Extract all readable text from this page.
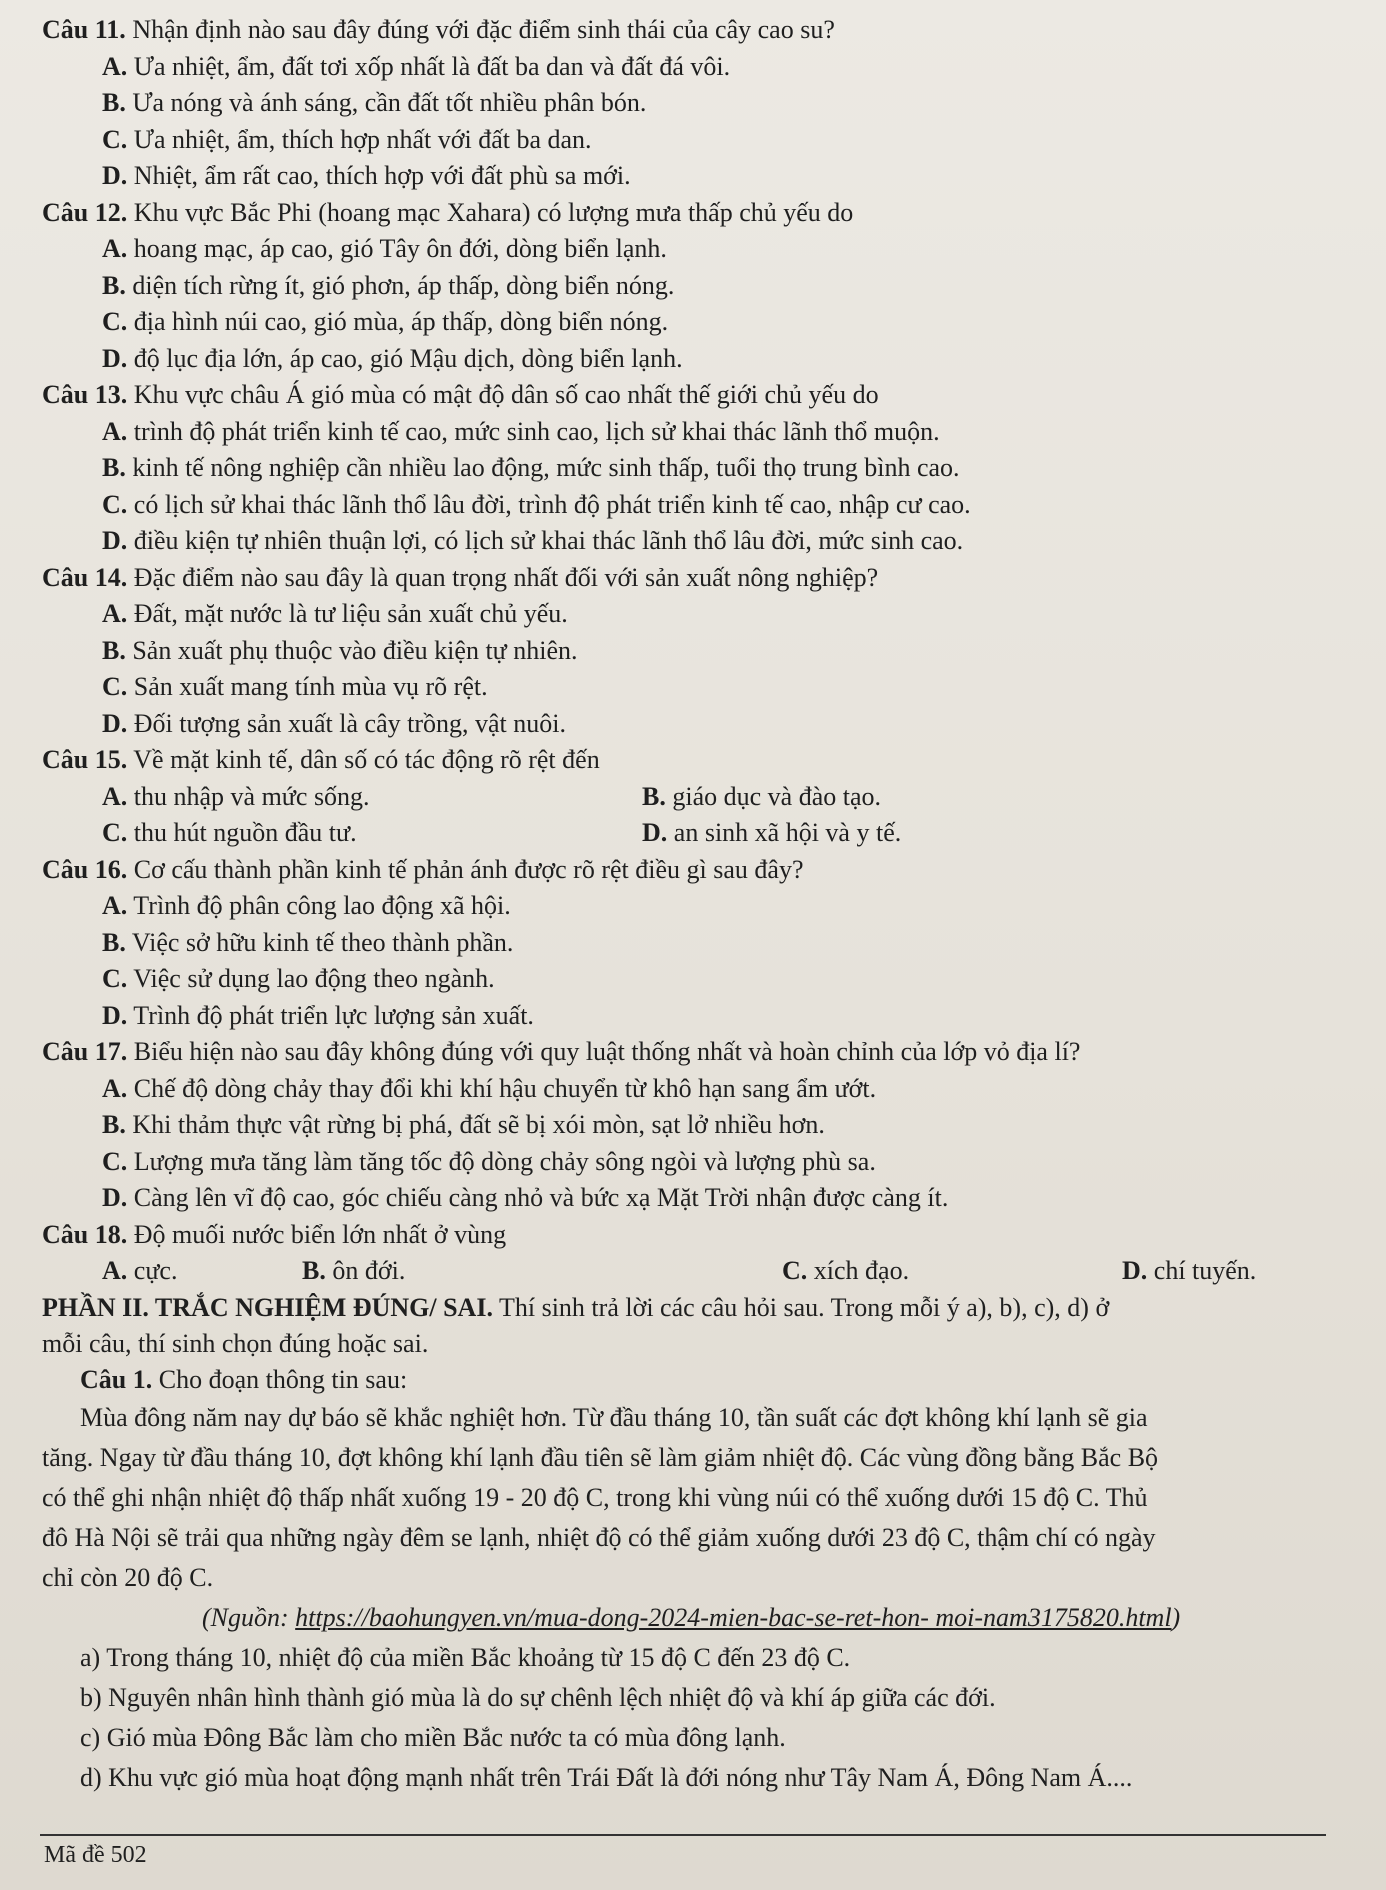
Câu 11. Nhận định nào sau đây đúng với đặc điểm sinh thái của cây cao su?
A. Ưa nhiệt, ẩm, đất tơi xốp nhất là đất ba dan và đất đá vôi.
B. Ưa nóng và ánh sáng, cần đất tốt nhiều phân bón.
C. Ưa nhiệt, ẩm, thích hợp nhất với đất ba dan.
D. Nhiệt, ẩm rất cao, thích hợp với đất phù sa mới.
Câu 12. Khu vực Bắc Phi (hoang mạc Xahara) có lượng mưa thấp chủ yếu do
A. hoang mạc, áp cao, gió Tây ôn đới, dòng biển lạnh.
B. diện tích rừng ít, gió phơn, áp thấp, dòng biển nóng.
C. địa hình núi cao, gió mùa, áp thấp, dòng biển nóng.
D. độ lục địa lớn, áp cao, gió Mậu dịch, dòng biển lạnh.
Câu 13. Khu vực châu Á gió mùa có mật độ dân số cao nhất thế giới chủ yếu do
A. trình độ phát triển kinh tế cao, mức sinh cao, lịch sử khai thác lãnh thổ muộn.
B. kinh tế nông nghiệp cần nhiều lao động, mức sinh thấp, tuổi thọ trung bình cao.
C. có lịch sử khai thác lãnh thổ lâu đời, trình độ phát triển kinh tế cao, nhập cư cao.
D. điều kiện tự nhiên thuận lợi, có lịch sử khai thác lãnh thổ lâu đời, mức sinh cao.
Câu 14. Đặc điểm nào sau đây là quan trọng nhất đối với sản xuất nông nghiệp?
A. Đất, mặt nước là tư liệu sản xuất chủ yếu.
B. Sản xuất phụ thuộc vào điều kiện tự nhiên.
C. Sản xuất mang tính mùa vụ rõ rệt.
D. Đối tượng sản xuất là cây trồng, vật nuôi.
Câu 15. Về mặt kinh tế, dân số có tác động rõ rệt đến
A. thu nhập và mức sống.	B. giáo dục và đào tạo.
C. thu hút nguồn đầu tư.	D. an sinh xã hội và y tế.
Câu 16. Cơ cấu thành phần kinh tế phản ánh được rõ rệt điều gì sau đây?
A. Trình độ phân công lao động xã hội.
B. Việc sở hữu kinh tế theo thành phần.
C. Việc sử dụng lao động theo ngành.
D. Trình độ phát triển lực lượng sản xuất.
Câu 17. Biểu hiện nào sau đây không đúng với quy luật thống nhất và hoàn chỉnh của lớp vỏ địa lí?
A. Chế độ dòng chảy thay đổi khi khí hậu chuyển từ khô hạn sang ẩm ướt.
B. Khi thảm thực vật rừng bị phá, đất sẽ bị xói mòn, sạt lở nhiều hơn.
C. Lượng mưa tăng làm tăng tốc độ dòng chảy sông ngòi và lượng phù sa.
D. Càng lên vĩ độ cao, góc chiếu càng nhỏ và bức xạ Mặt Trời nhận được càng ít.
Câu 18. Độ muối nước biển lớn nhất ở vùng
A. cực.	B. ôn đới.	C. xích đạo.	D. chí tuyến.
PHẦN II. TRẮC NGHIỆM ĐÚNG/ SAI. Thí sinh trả lời các câu hỏi sau. Trong mỗi ý a), b), c), d) ở
mỗi câu, thí sinh chọn đúng hoặc sai.
Câu 1. Cho đoạn thông tin sau:
Mùa đông năm nay dự báo sẽ khắc nghiệt hơn. Từ đầu tháng 10, tần suất các đợt không khí lạnh sẽ gia
tăng. Ngay từ đầu tháng 10, đợt không khí lạnh đầu tiên sẽ làm giảm nhiệt độ. Các vùng đồng bằng Bắc Bộ
có thể ghi nhận nhiệt độ thấp nhất xuống 19 - 20 độ C, trong khi vùng núi có thể xuống dưới 15 độ C. Thủ
đô Hà Nội sẽ trải qua những ngày đêm se lạnh, nhiệt độ có thể giảm xuống dưới 23 độ C, thậm chí có ngày
chỉ còn 20 độ C.
(Nguồn: https://baohungyen.vn/mua-dong-2024-mien-bac-se-ret-hon- moi-nam3175820.html)
a) Trong tháng 10, nhiệt độ của miền Bắc khoảng từ 15 độ C đến 23 độ C.
b) Nguyên nhân hình thành gió mùa là do sự chênh lệch nhiệt độ và khí áp giữa các đới.
c) Gió mùa Đông Bắc làm cho miền Bắc nước ta có mùa đông lạnh.
d) Khu vực gió mùa hoạt động mạnh nhất trên Trái Đất là đới nóng như Tây Nam Á, Đông Nam Á....
Mã đề 502
